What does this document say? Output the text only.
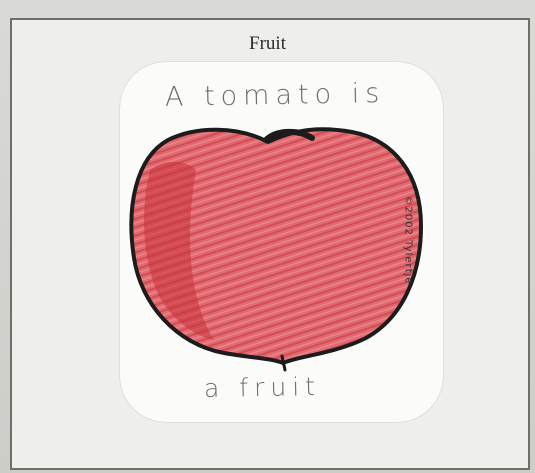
Fruit
A tomato is
a fruit
©2002 Tylertje
